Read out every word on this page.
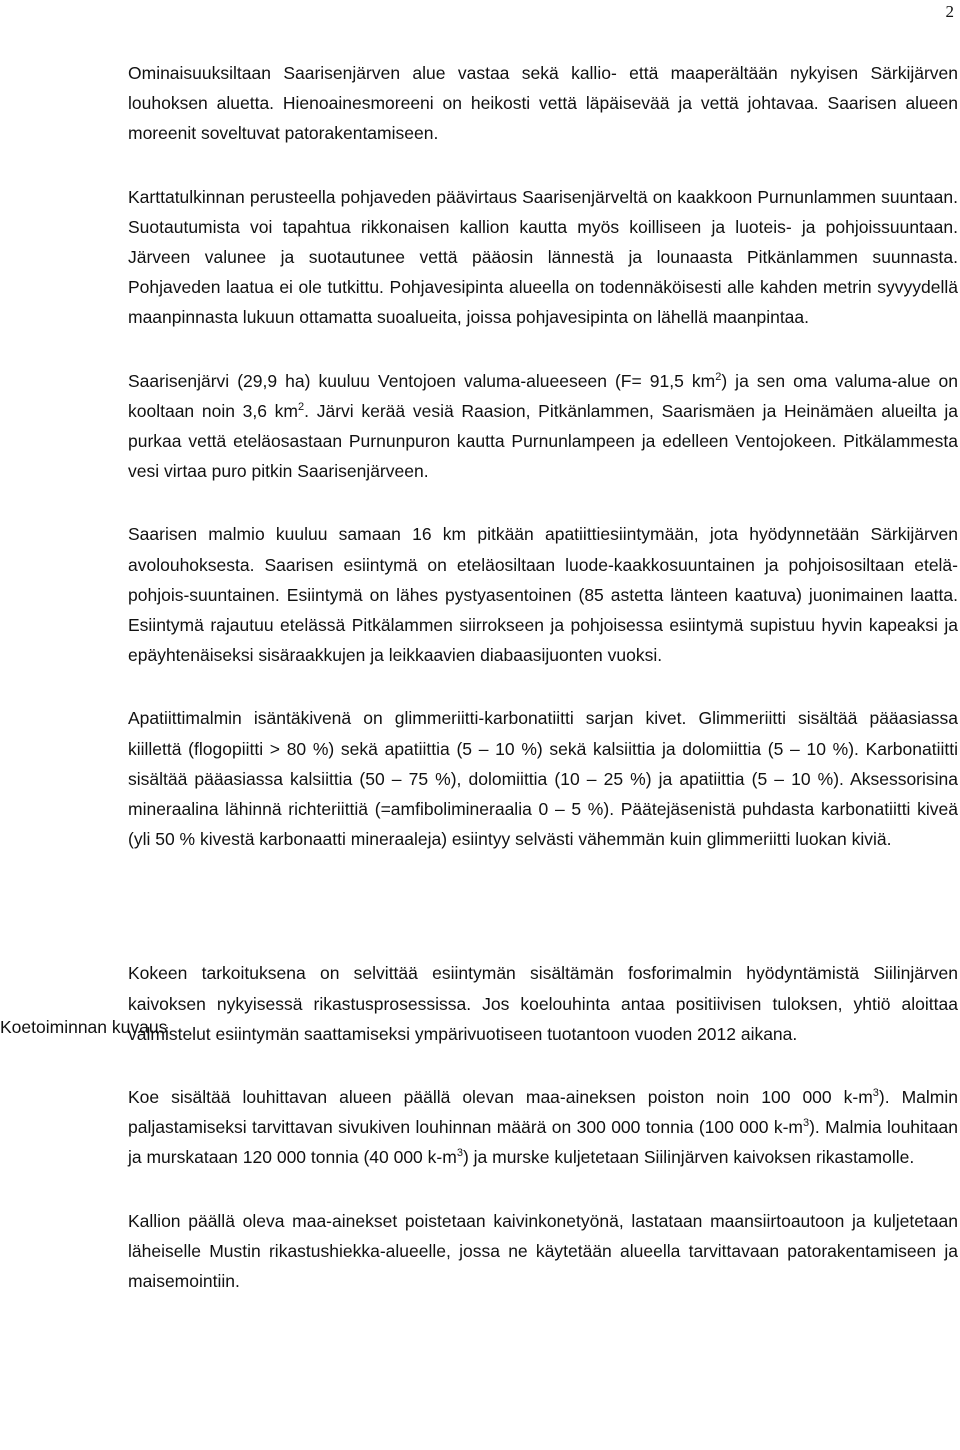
2
Koetoiminnan kuvaus

Ominaisuuksiltaan Saarisenjärven alue vastaa sekä kallio- että maaperältään nykyisen Särkijärven louhoksen aluetta. Hienoainesmoreeni on heikosti vettä läpäisevää ja vettä johtavaa. Saarisen alueen moreenit soveltuvat patorakentamiseen.

Karttatulkinnan perusteella pohjaveden päävirtaus Saarisenjärveltä on kaakkoon Purnunlammen suuntaan. Suotautumista voi tapahtua rikkonaisen kallion kautta myös koilliseen ja luoteis- ja pohjoissuuntaan. Järveen valunee ja suotautunee vettä pääosin lännestä ja lounaasta Pitkänlammen suunnasta. Pohjaveden laatua ei ole tutkittu. Pohjavesipinta alueella on todennäköisesti alle kahden metrin syvyydellä maanpinnasta lukuun ottamatta suoalueita, joissa pohjavesipinta on lähellä maanpintaa.

Saarisenjärvi (29,9 ha) kuuluu Ventojoen valuma-alueeseen (F= 91,5 $km^2$) ja sen oma valuma-alue on kooltaan noin 3,6 $km^2$. Järvi kerää vesiä Raasion, Pitkänlammen, Saarismäen ja Heinämäen alueilta ja purkaa vettä eteläosastaan Purnunpuron kautta Purnunlampeen ja edelleen Ventojokeen. Pitkälammesta vesi virtaa puro pitkin Saarisenjärveen.

Saarisen malmio kuuluu samaan 16 km pitkään apatiittiesiintymään, jota hyödynnetään Särkijärven avolouhoksesta. Saarisen esiintymä on eteläosiltaan luode-kaakkosuuntainen ja pohjoisosiltaan etelä-pohjois-suuntainen. Esiintymä on lähes pystyasentoinen (85 astetta länteen kaatuva) juonimainen laatta. Esiintymä rajautuu etelässä Pitkälammen siirrokseen ja pohjoisessa esiintymä supistuu hyvin kapeaksi ja epäyhtenäiseksi sisäraakkujen ja leikkaavien diabaasijuonten vuoksi.

Apatiittimalmin isäntäkivenä on glimmeriitti-karbonatiitti sarjan kivet. Glimmeriitti sisältää pääasiassa kiillettä (flogopiitti > 80 %) sekä apatiittia (5 – 10 %) sekä kalsiittia ja dolomiittia (5 – 10 %). Karbonatiitti sisältää pääasiassa kalsiittia (50 – 75 %), dolomiittia (10 – 25 %) ja apatiittia (5 – 10 %). Aksessorisina mineraalina lähinnä richteriittiä (=amfibolimineraalia 0 – 5 %). Päätejäsenistä puhdasta karbonatiitti kiveä (yli 50 % kivestä karbonaatti mineraaleja) esiintyy selvästi vähemmän kuin glimmeriitti luokan kiviä.

Kokeen tarkoituksena on selvittää esiintymän sisältämän fosforimalmin hyödyntämistä Siilinjärven kaivoksen nykyisessä rikastusprosessissa. Jos koelouhinta antaa positiivisen tuloksen, yhtiö aloittaa valmistelut esiintymän saattamiseksi ympärivuotiseen tuotantoon vuoden 2012 aikana.

Koe sisältää louhittavan alueen päällä olevan maa-aineksen poiston noin 100 000 $k-m^3$). Malmin paljastamiseksi tarvittavan sivukiven louhinnan määrä on 300 000 tonnia (100 000 $k-m^3$). Malmia louhitaan ja murskataan 120 000 tonnia (40 000 $k-m^3$) ja murske kuljetetaan Siilinjärven kaivoksen rikastamolle.

Kallion päällä oleva maa-ainekset poistetaan kaivinkonetyönä, lastataan maansiirtoautoon ja kuljetetaan läheiselle Mustin rikastushiekka-alueelle, jossa ne käytetään alueella tarvittavaan patorakentamiseen ja maisemointiin.
